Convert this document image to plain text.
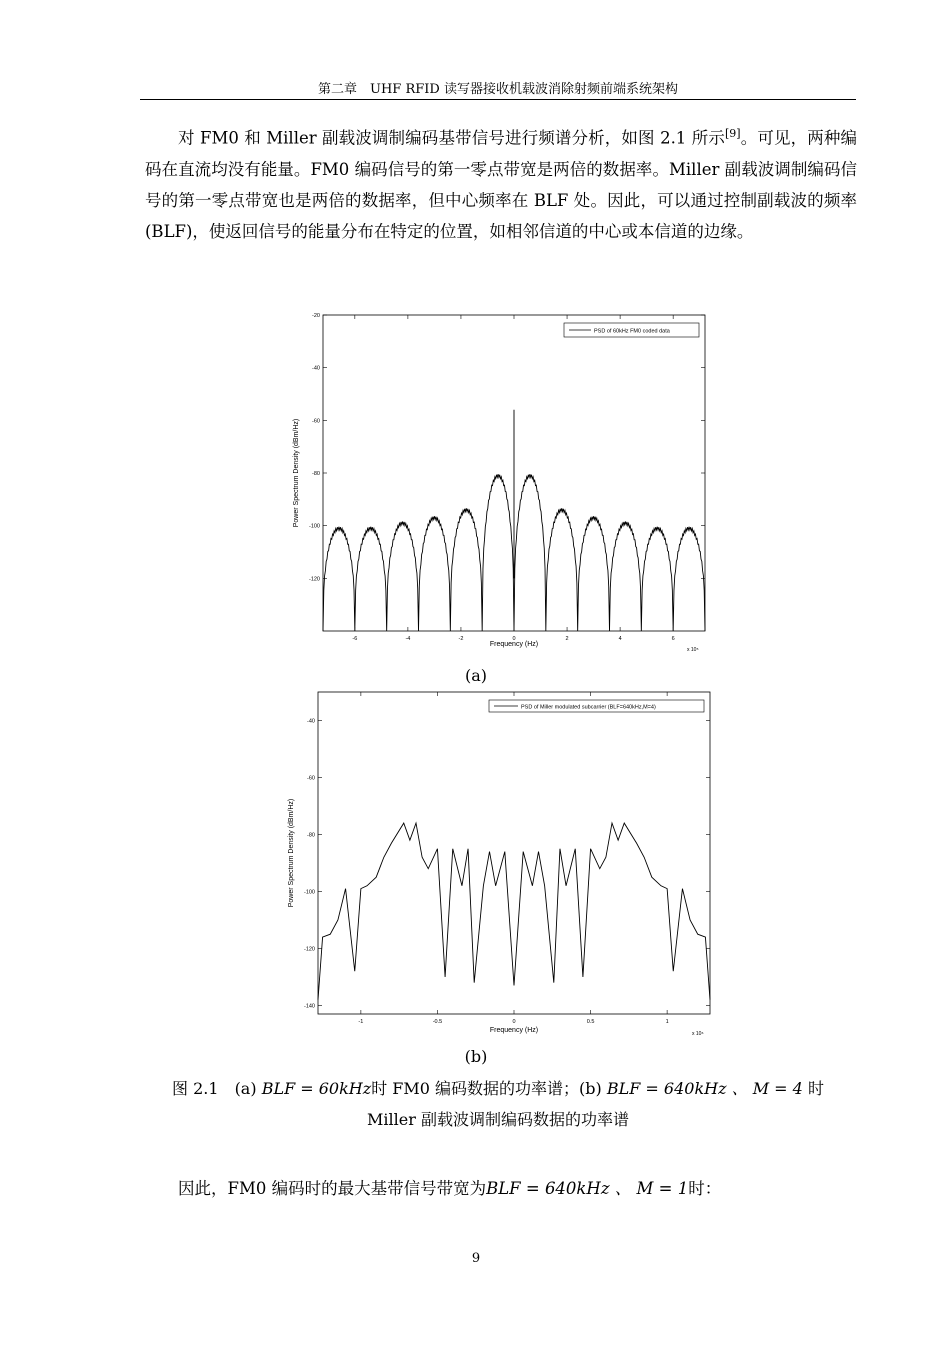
第二章　UHF RFID 读写器接收机载波消除射频前端系统架构
对 FM0 和 Miller 副载波调制编码基带信号进行频谱分析，如图 2.1 所示[9]。可见，两种编码在直流均没有能量。FM0 编码信号的第一零点带宽是两倍的数据率。Miller 副载波调制编码信号的第一零点带宽也是两倍的数据率，但中心频率在 BLF 处。因此，可以通过控制副载波的频率(BLF)，使返回信号的能量分布在特定的位置，如相邻信道的中心或本信道的边缘。
-6	-4	-2	0	2	4	6
-20
-40
-60
-80
-100
-120
PSD of 60kHz FM0 coded data
Frequency (Hz)
x 10⁵
Power Spectrum Density (dBm/Hz)
(a)
-1	-0.5	0	0.5	1
-40
-60
-80
-100
-120
-140
PSD of Miller modulated subcarrier (BLF=640kHz,M=4)
Frequency (Hz)	x 10⁶
Power Spectrum Density (dBm/Hz)
(b)
图 2.1　(a) BLF = 60kHz时 FM0 编码数据的功率谱；(b) BLF = 640kHz 、 M = 4 时
Miller 副载波调制编码数据的功率谱
因此，FM0 编码时的最大基带信号带宽为BLF = 640kHz 、 M = 1时：
9
